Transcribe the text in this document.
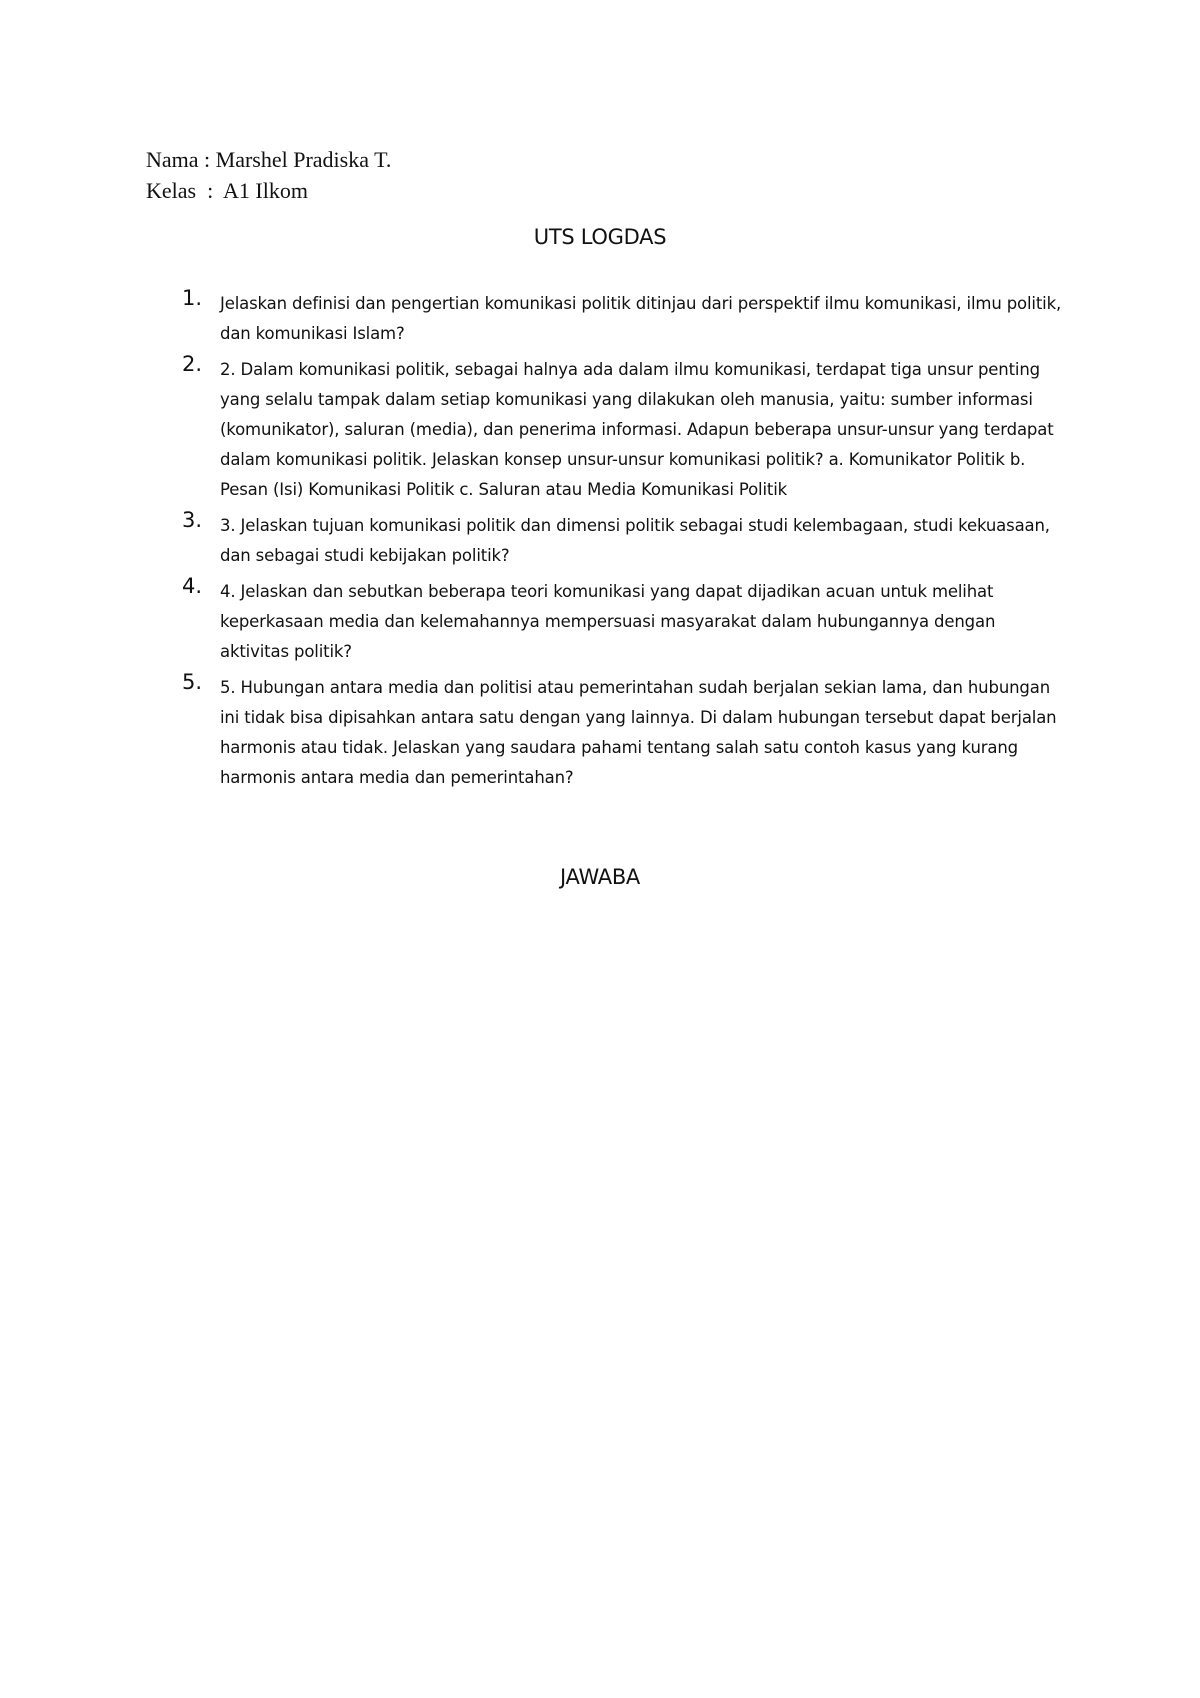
Nama : Marshel Pradiska T.
Kelas  :  A1 Ilkom
UTS LOGDAS
1. Jelaskan definisi dan pengertian komunikasi politik ditinjau dari perspektif ilmu komunikasi, ilmu politik, dan komunikasi Islam?
2. 2. Dalam komunikasi politik, sebagai halnya ada dalam ilmu komunikasi, terdapat tiga unsur penting yang selalu tampak dalam setiap komunikasi yang dilakukan oleh manusia, yaitu: sumber informasi (komunikator), saluran (media), dan penerima informasi. Adapun beberapa unsur-unsur yang terdapat dalam komunikasi politik. Jelaskan konsep unsur-unsur komunikasi politik? a. Komunikator Politik b. Pesan (Isi) Komunikasi Politik c. Saluran atau Media Komunikasi Politik
3. 3. Jelaskan tujuan komunikasi politik dan dimensi politik sebagai studi kelembagaan, studi kekuasaan, dan sebagai studi kebijakan politik?
4. 4. Jelaskan dan sebutkan beberapa teori komunikasi yang dapat dijadikan acuan untuk melihat keperkasaan media dan kelemahannya mempersuasi masyarakat dalam hubungannya dengan aktivitas politik?
5. 5. Hubungan antara media dan politisi atau pemerintahan sudah berjalan sekian lama, dan hubungan ini tidak bisa dipisahkan antara satu dengan yang lainnya. Di dalam hubungan tersebut dapat berjalan harmonis atau tidak. Jelaskan yang saudara pahami tentang salah satu contoh kasus yang kurang harmonis antara media dan pemerintahan?
JAWABA
